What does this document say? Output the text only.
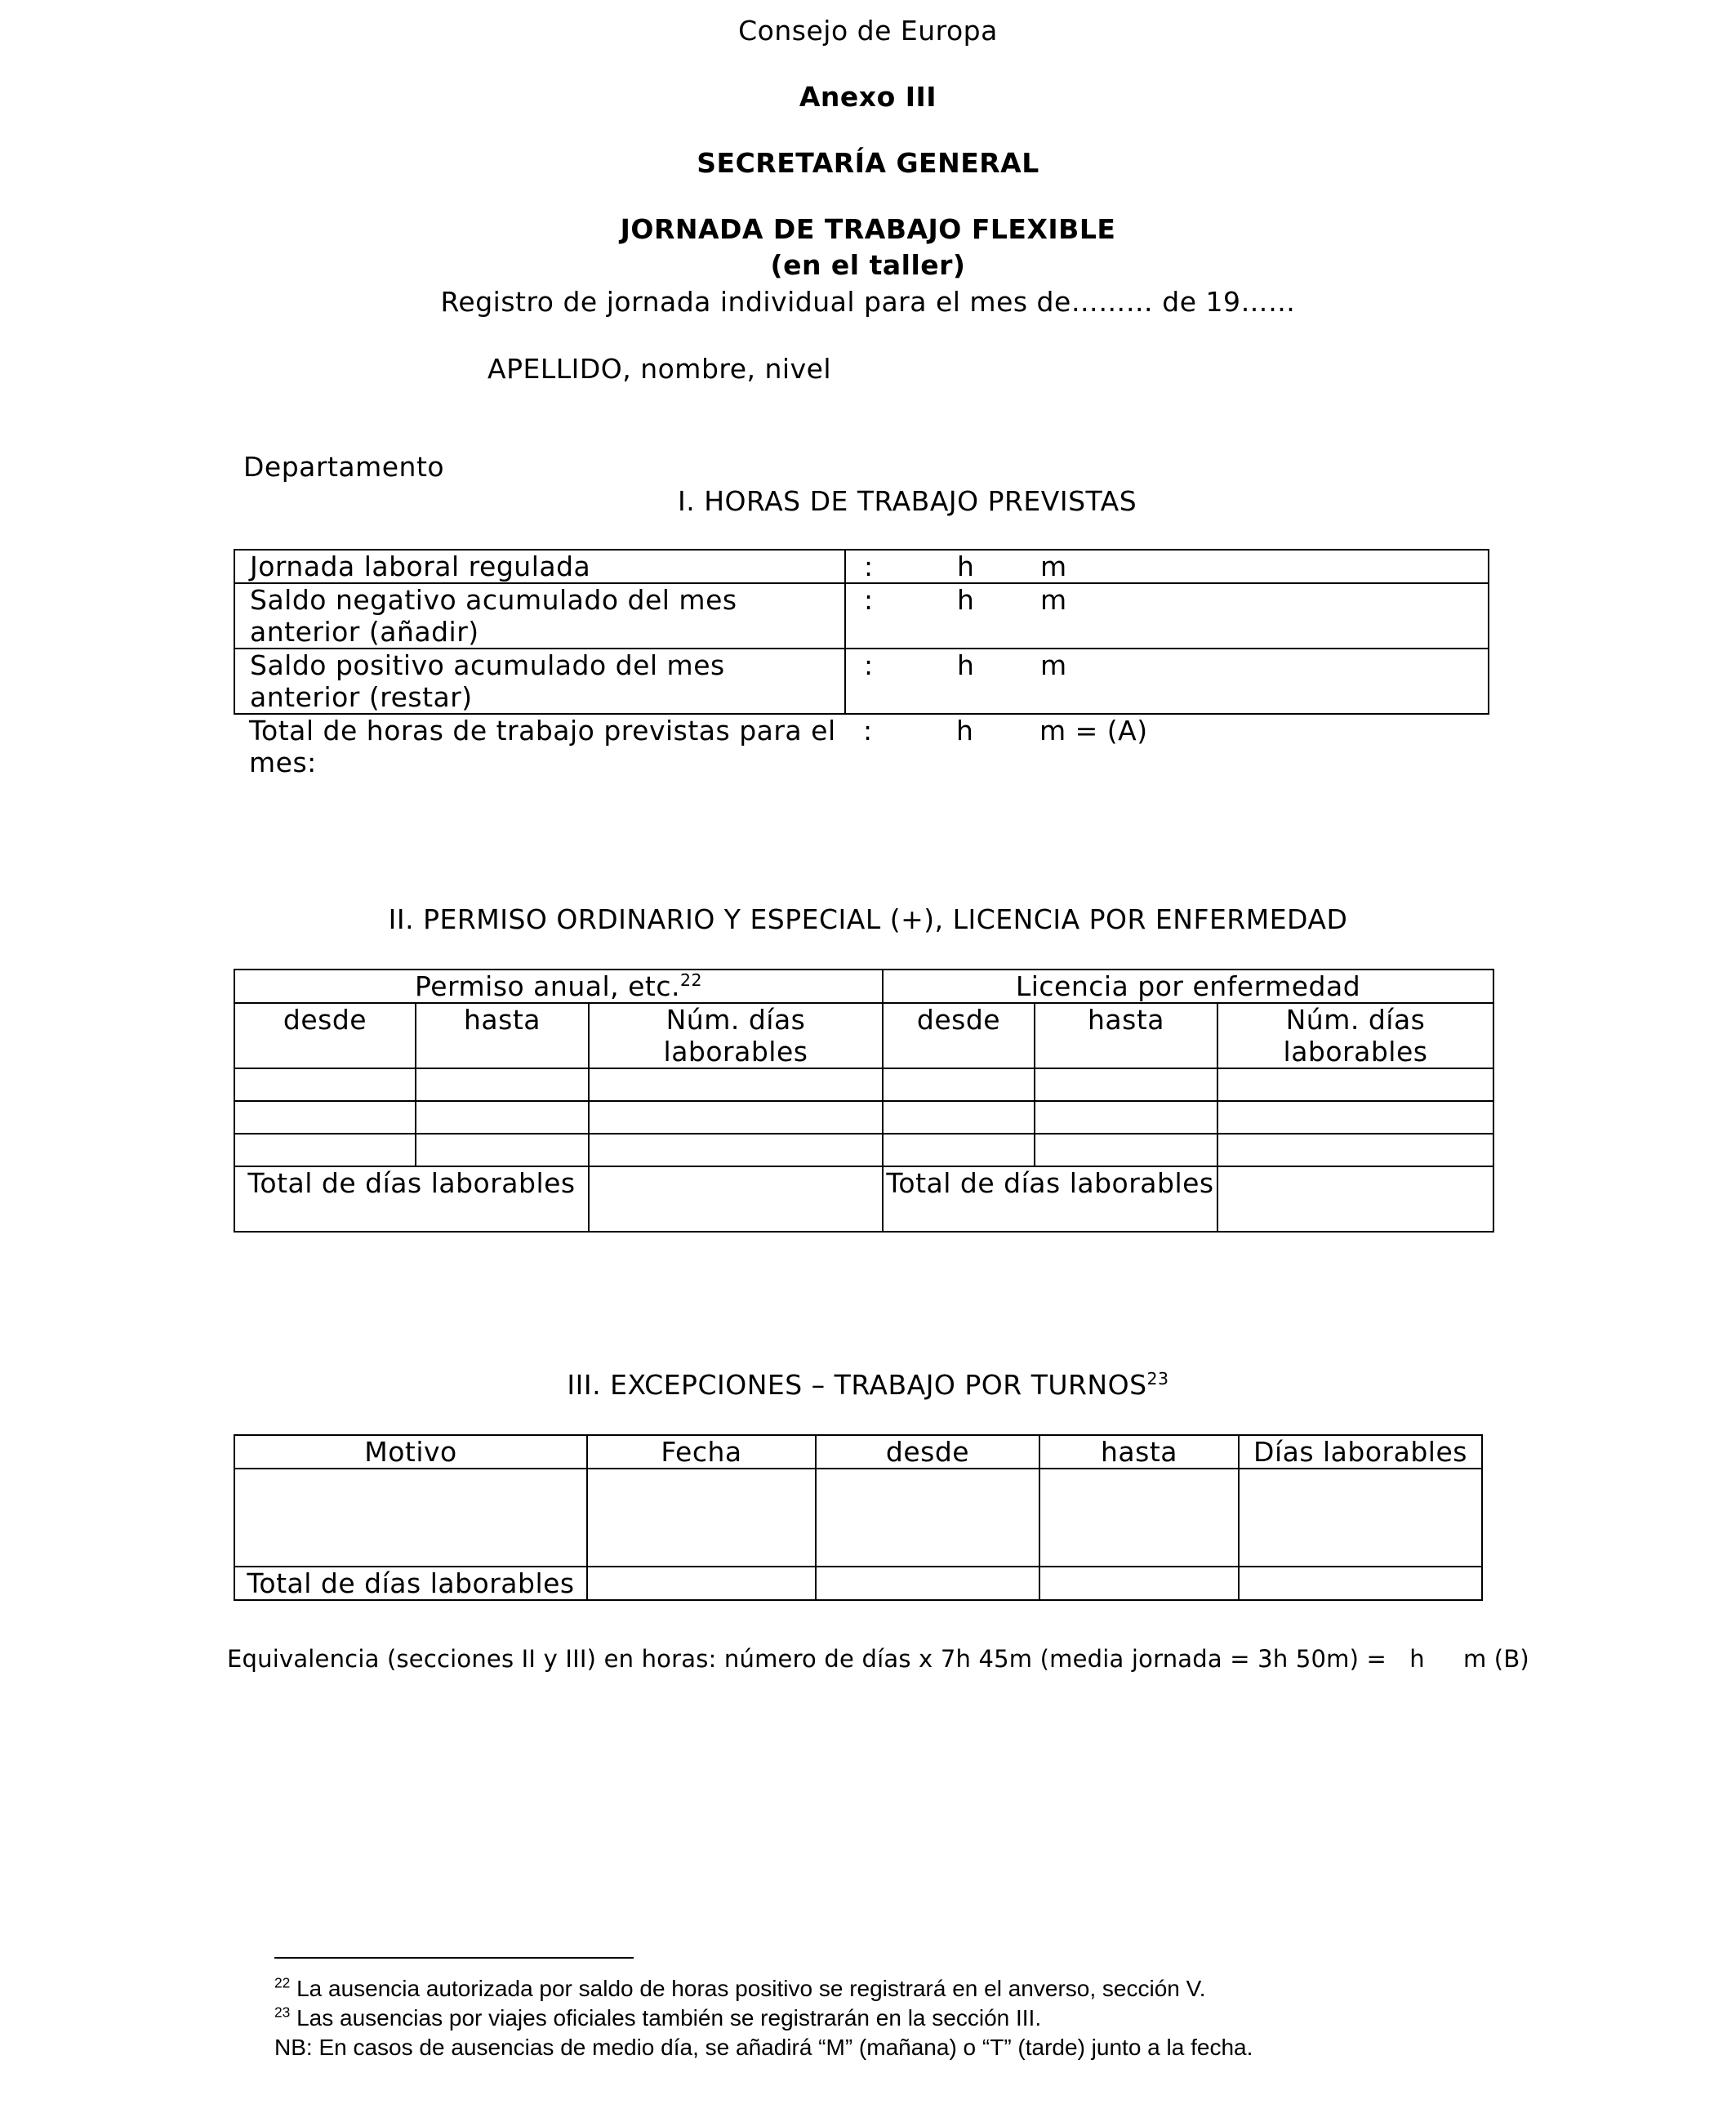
Consejo de Europa
Anexo III
SECRETARÍA GENERAL
JORNADA DE TRABAJO FLEXIBLE
(en el taller)
Registro de jornada individual para el mes de……… de 19……
APELLIDO, nombre, nivel
Departamento
I. HORAS DE TRABAJO PREVISTAS
Jornada laboral regulada	: h m

Saldo negativo acumulado del mes anterior (añadir)	: h m

Saldo positivo acumulado del mes anterior (restar)	: h m

Total de horas de trabajo previstas para el mes:	: h m = (A)
II. PERMISO ORDINARIO Y ESPECIAL (+), LICENCIA POR ENFERMEDAD
Permiso anual, etc.$^{22}$			Licencia por enfermedad		
desde	hasta	Núm. días laborables	desde	hasta	Núm. días laborables

Total de días laborables			Total de días laborables		
III. EXCEPCIONES – TRABAJO POR TURNOS$^{23}$
Motivo	Fecha	desde	hasta	Días laborables

Total de días laborables				
Equivalencia (secciones II y III) en horas: número de días x 7h 45m (media jornada = 3h 50m) =   h     m (B)
$^{22}$ La ausencia autorizada por saldo de horas positivo se registrará en el anverso, sección V.
$^{23}$ Las ausencias por viajes oficiales también se registrarán en la sección III.
NB: En casos de ausencias de medio día, se añadirá “M” (mañana) o “T” (tarde) junto a la fecha.
